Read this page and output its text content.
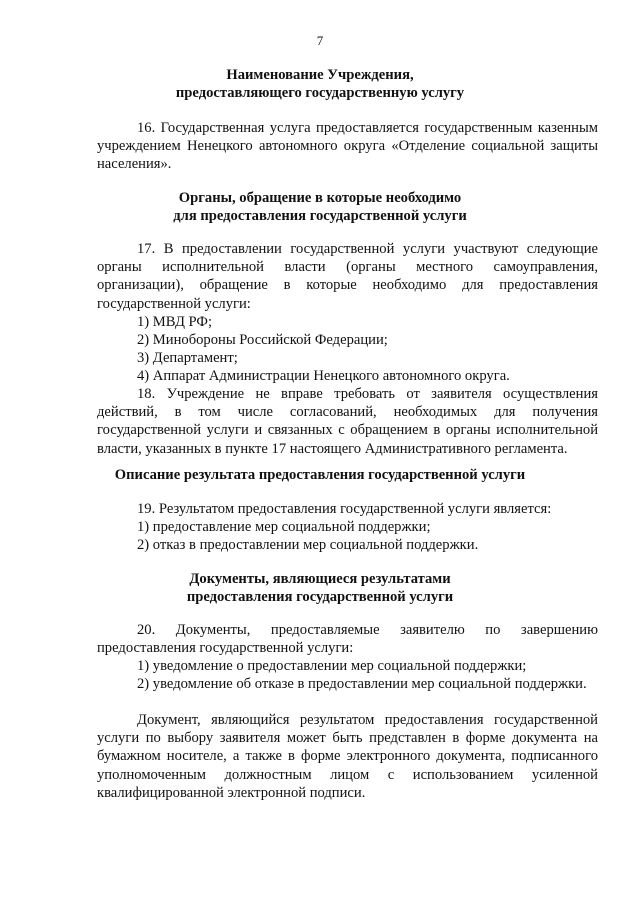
7
Наименование Учреждения,
предоставляющего государственную услугу

16. Государственная услуга предоставляется государственным казенным учреждением Ненецкого автономного округа «Отделение социальной защиты населения».

Органы, обращение в которые необходимо
для предоставления государственной услуги

17. В предоставлении государственной услуги участвуют следующие органы исполнительной власти (органы местного самоуправления, организации), обращение в которые необходимо для предоставления государственной услуги:

1) МВД РФ;
2) Минобороны Российской Федерации;
3) Департамент;
4) Аппарат Администрации Ненецкого автономного округа.

18. Учреждение не вправе требовать от заявителя осуществления действий, в том числе согласований, необходимых для получения государственной услуги и связанных с обращением в органы исполнительной власти, указанных в пункте 17 настоящего Административного регламента.

Описание результата предоставления государственной услуги
19. Результатом предоставления государственной услуги является:
1) предоставление мер социальной поддержки;
2) отказ в предоставлении мер социальной поддержки.
Документы, являющиеся результатами
предоставления государственной услуги

20. Документы, предоставляемые заявителю по завершению предоставления государственной услуги:

1) уведомление о предоставлении мер социальной поддержки;

2) уведомление об отказе в предоставлении мер социальной поддержки.

Документ, являющийся результатом предоставления государственной услуги по выбору заявителя может быть представлен в форме документа на бумажном носителе, а также в форме электронного документа, подписанного уполномоченным должностным лицом с использованием усиленной квалифицированной электронной подписи.
